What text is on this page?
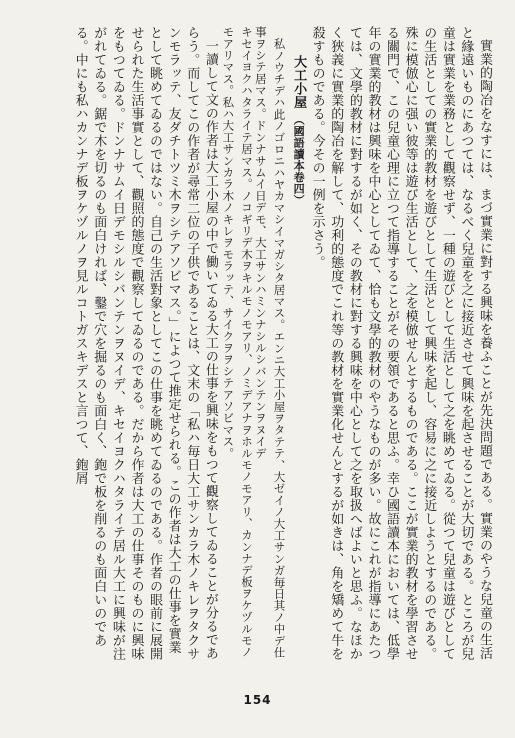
實業的陶冶をなすには、まづ實業に對する興味を養ふことが先決問題である。實業のやうな兒童の生活と緣遠いものにあつては、なるべく兒童を之に接近させて興味を起させることが大切である。ところが兒童は實業を業務として觀察せず、一種の遊びとして生活として之を眺めてゐる。從つて兒童は遊びとしての生活としての實業的教材を遊びとして生活として興味を起し、容易に之に接近しようとするのである。殊に模倣心に强い彼等は遊び生活として、之を模倣せんとするものである。ここが實業的教材を學習させる關門で、この兒童心理に立つて指導することがその要領であると思ふ。幸ひ國語讀本においては、低學年の實業的教材は興味を中心としてゐて、恰も文學的教材のやうなものが多い。故にこれが指導にあたつては、文學的教材に對するが如く、その教材に對する興味を中心として之を取扱へばよいと思ふ。なほかく狹義に實業的陶冶を解して、功利的態度でこれ等の教材を實業化せんとするが如きは、角を矯めて牛を殺すものである。今その一例を示さう。

大工小屋 （國語讀本卷四）

私ノウチデハ此ノゴロニハヤカマシイマガシタ居マス。エンニ大工小屋ヲタテテ、大ゼイノ大工サンガ毎日其ノ中デ仕事ヲシテ居マス。ドンナサムイ日デモ、大工サンハミンナシルシバンテンヲヌイデ

キセイヨクハタライテ居マス。ノコギリデ木ヲキルモノモアリ、ノミデアナヲホルモノモアリ、カンナデ板ヲケヅルモノモアリマス。私ハ大工サンカラ木ノキレヲモラッテ、サイクヲヲシテアソビマス。

一讀して文の作者は大工小屋の中で働いてゐる大工の仕事を興味をもつて觀察してゐることが分るであらう。而してこの作者が尋常二位の子供であることは、文末の「私ハ毎日大工サンカラ木ノキレヲタクサンモラッテ、友ダチトツミ木ヲシテアソビマス。」によつて推定せられる。この作者は大工の仕事を實業として眺めてゐるのではない。自己の生活對象としてこの仕事を眺めてゐるのである。作者の眼前に展開せられた生活事實として、觀照的態度で觀察してゐるのである。だから作者は大工の仕事そのものに興味をもつてゐる。ドンナサムイ日デモシルシバンテンヲヌイデ、キセイヨクハタライテ居ル大工に興味が注がれてゐる。鋸で木を切るのも面白ければ、鑿で穴を掘るのも面白く、鉋で板を削るのも面白いのである。中にも私ハカンナデ板ヲケヅルノヲ見ルコトガスキデスと言つて、鉋屑

154
